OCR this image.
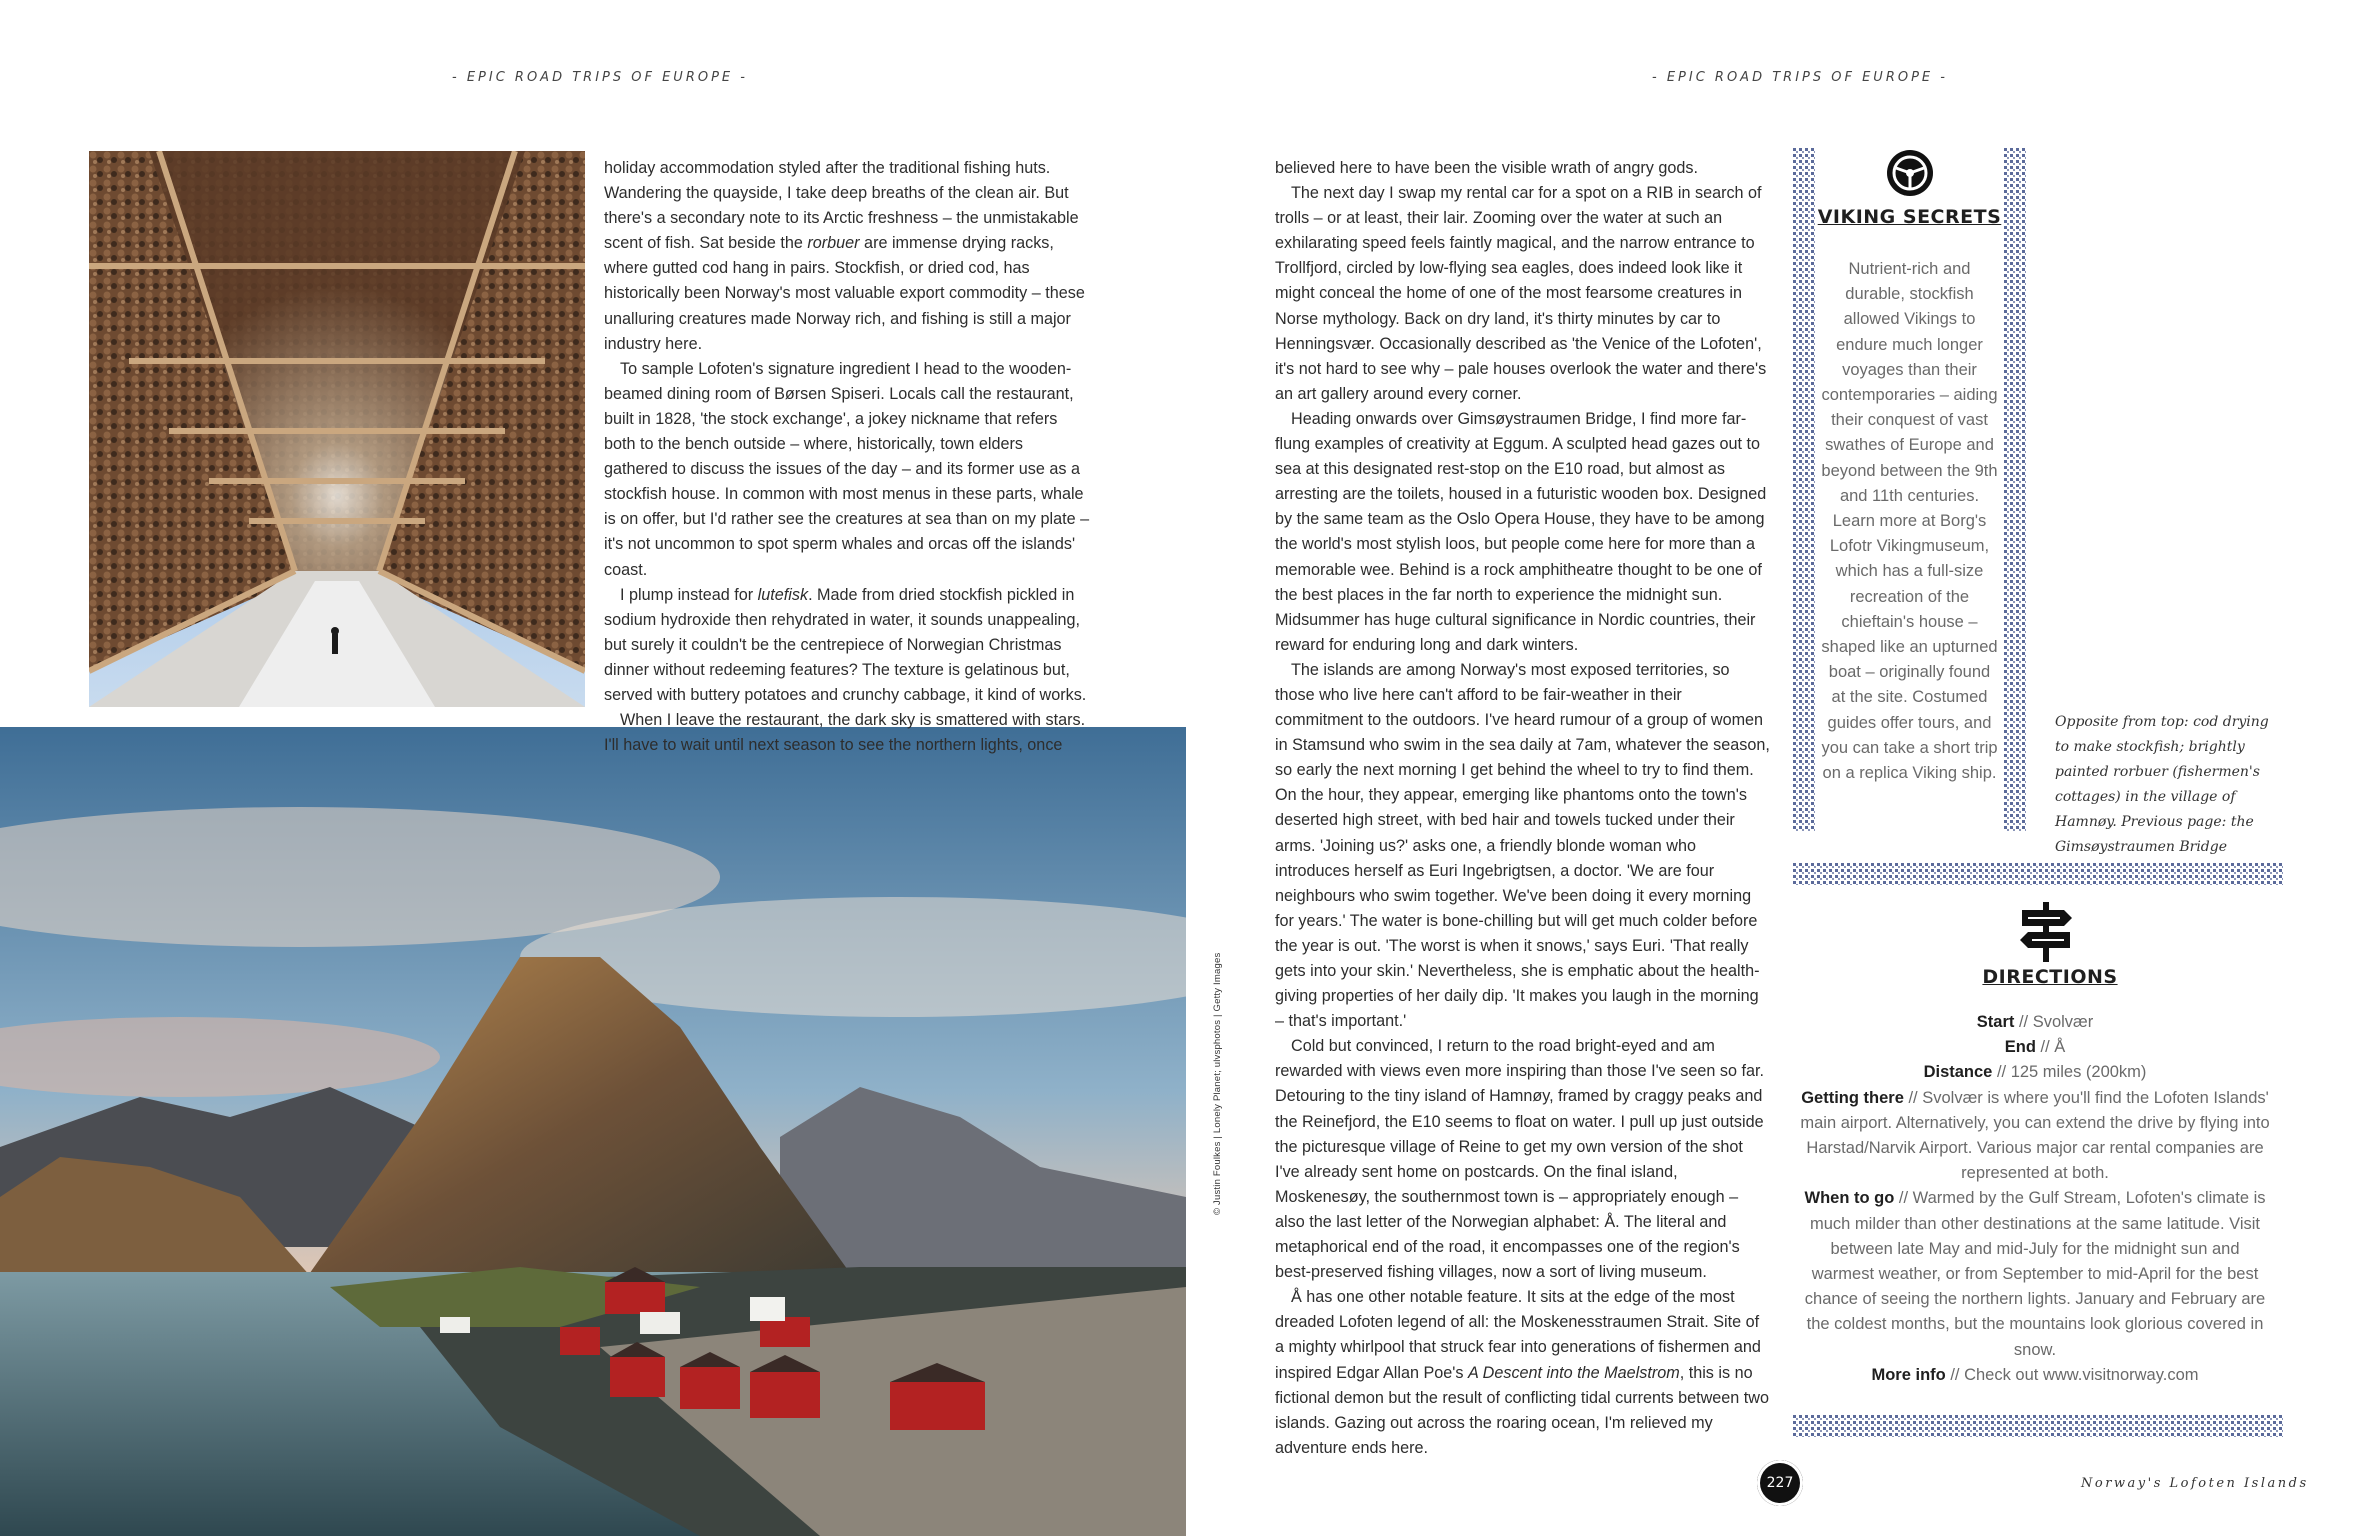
- EPIC ROAD TRIPS OF EUROPE -	- EPIC ROAD TRIPS OF EUROPE -

holiday accommodation styled after the traditional fishing huts. Wandering the quayside, I take deep breaths of the clean air. But there's a secondary note to its Arctic freshness – the unmistakable scent of fish. Sat beside the rorbuer are immense drying racks, where gutted cod hang in pairs. Stockfish, or dried cod, has historically been Norway's most valuable export commodity – these unalluring creatures made Norway rich, and fishing is still a major industry here.

To sample Lofoten's signature ingredient I head to the wooden-beamed dining room of Børsen Spiseri. Locals call the restaurant, built in 1828, 'the stock exchange', a jokey nickname that refers both to the bench outside – where, historically, town elders gathered to discuss the issues of the day – and its former use as a stockfish house. In common with most menus in these parts, whale is on offer, but I'd rather see the creatures at sea than on my plate – it's not uncommon to spot sperm whales and orcas off the islands' coast.

I plump instead for lutefisk. Made from dried stockfish pickled in sodium hydroxide then rehydrated in water, it sounds unappealing, but surely it couldn't be the centrepiece of Norwegian Christmas dinner without redeeming features? The texture is gelatinous but, served with buttery potatoes and crunchy cabbage, it kind of works.

When I leave the restaurant, the dark sky is smattered with stars. I'll have to wait until next season to see the northern lights, once

believed here to have been the visible wrath of angry gods.

The next day I swap my rental car for a spot on a RIB in search of trolls – or at least, their lair. Zooming over the water at such an exhilarating speed feels faintly magical, and the narrow entrance to Trollfjord, circled by low-flying sea eagles, does indeed look like it might conceal the home of one of the most fearsome creatures in Norse mythology. Back on dry land, it's thirty minutes by car to Henningsvær. Occasionally described as 'the Venice of the Lofoten', it's not hard to see why – pale houses overlook the water and there's an art gallery around every corner.

Heading onwards over Gimsøystraumen Bridge, I find more far-flung examples of creativity at Eggum. A sculpted head gazes out to sea at this designated rest-stop on the E10 road, but almost as arresting are the toilets, housed in a futuristic wooden box. Designed by the same team as the Oslo Opera House, they have to be among the world's most stylish loos, but people come here for more than a memorable wee. Behind is a rock amphitheatre thought to be one of the best places in the far north to experience the midnight sun. Midsummer has huge cultural significance in Nordic countries, their reward for enduring long and dark winters.

The islands are among Norway's most exposed territories, so those who live here can't afford to be fair-weather in their commitment to the outdoors. I've heard rumour of a group of women in Stamsund who swim in the sea daily at 7am, whatever the season, so early the next morning I get behind the wheel to try to find them. On the hour, they appear, emerging like phantoms onto the town's deserted high street, with bed hair and towels tucked under their arms. 'Joining us?' asks one, a friendly blonde woman who introduces herself as Euri Ingebrigtsen, a doctor. 'We are four neighbours who swim together. We've been doing it every morning for years.' The water is bone-chilling but will get much colder before the year is out. 'The worst is when it snows,' says Euri. 'That really gets into your skin.' Nevertheless, she is emphatic about the health-giving properties of her daily dip. 'It makes you laugh in the morning – that's important.'

Cold but convinced, I return to the road bright-eyed and am rewarded with views even more inspiring than those I've seen so far. Detouring to the tiny island of Hamnøy, framed by craggy peaks and the Reinefjord, the E10 seems to float on water. I pull up just outside the picturesque village of Reine to get my own version of the shot I've already sent home on postcards. On the final island, Moskenesøy, the southernmost town is – appropriately enough – also the last letter of the Norwegian alphabet: Å. The literal and metaphorical end of the road, it encompasses one of the region's best-preserved fishing villages, now a sort of living museum.

Å has one other notable feature. It sits at the edge of the most dreaded Lofoten legend of all: the Moskenesstraumen Strait. Site of a mighty whirlpool that struck fear into generations of fishermen and inspired Edgar Allan Poe's A Descent into the Maelstrom, this is no fictional demon but the result of conflicting tidal currents between two islands. Gazing out across the roaring ocean, I'm relieved my adventure ends here.

VIKING SECRETS

Nutrient-rich and durable, stockfish allowed Vikings to endure much longer voyages than their contemporaries – aiding their conquest of vast swathes of Europe and beyond between the 9th and 11th centuries. Learn more at Borg's Lofotr Vikingmuseum, which has a full-size recreation of the chieftain's house – shaped like an upturned boat – originally found at the site. Costumed guides offer tours, and you can take a short trip on a replica Viking ship.

Opposite from top: cod drying to make stockfish; brightly painted rorbuer (fishermen's cottages) in the village of Hamnøy. Previous page: the Gimsøystraumen Bridge
DIRECTIONS
Start // Svolvær
End // Å
Distance // 125 miles (200km)
Getting there // Svolvær is where you'll find the Lofoten Islands' main airport. Alternatively, you can extend the drive by flying into Harstad/Narvik Airport. Various major car rental companies are represented at both.
When to go // Warmed by the Gulf Stream, Lofoten's climate is much milder than other destinations at the same latitude. Visit between late May and mid-July for the midnight sun and warmest weather, or from September to mid-April for the best chance of seeing the northern lights. January and February are the coldest months, but the mountains look glorious covered in snow.
More info // Check out www.visitnorway.com
© Justin Foulkes | Lonely Planet; ulvsphotos | Getty Images
227	Norway's Lofoten Islands
